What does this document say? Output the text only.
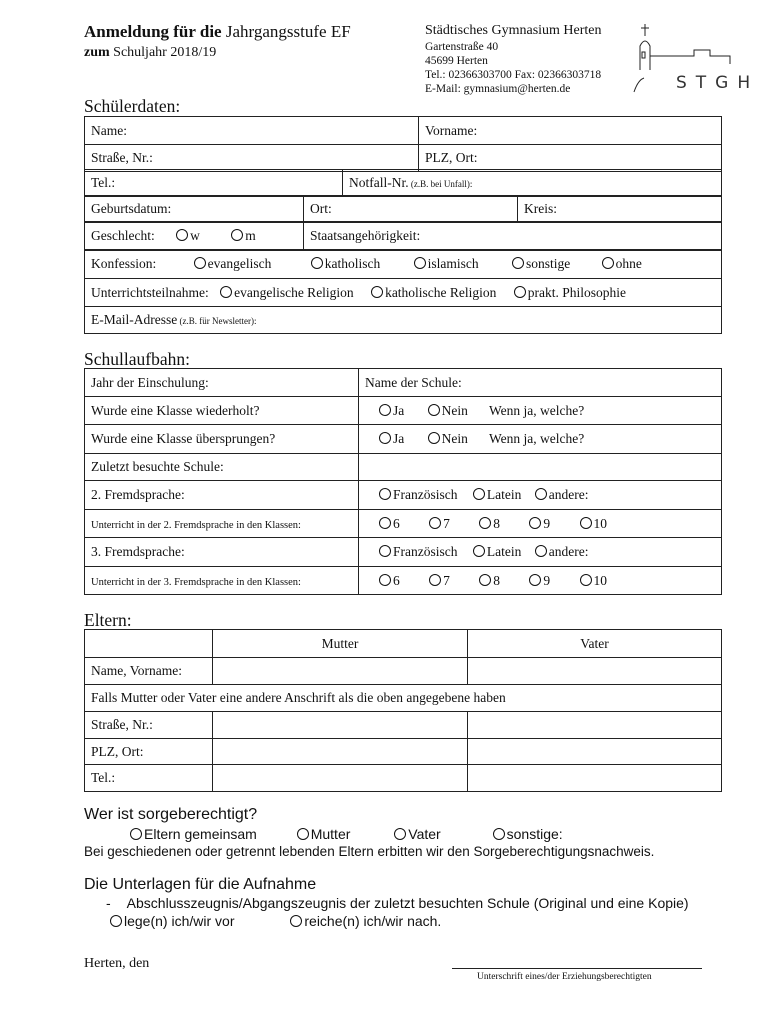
Anmeldung für die Jahrgangsstufe EF
zum Schuljahr 2018/19
Städtisches Gymnasium Herten
Gartenstraße 40
45699 Herten
Tel.: 02366303700 Fax: 02366303718
E-Mail: gymnasium@herten.de	STGH
Schülerdaten:
Name:	Vorname:
Straße, Nr.:	PLZ, Ort:
Tel.:	Notfall-Nr. (z.B. bei Unfall):
Geburtsdatum:	Ort:	Kreis:
Geschlecht:	w	m	Staatsangehörigkeit:
Konfession:	evangelisch	katholisch	islamisch	sonstige	ohne
Unterrichtsteilnahme: evangelische Religion katholische Religion prakt. Philosophie
E-Mail-Adresse (z.B. für Newsletter):
Schullaufbahn:
Jahr der Einschulung:	Name der Schule:
Wurde eine Klasse wiederholt?	Ja Nein Wenn ja, welche?
Wurde eine Klasse übersprungen?	Ja Nein Wenn ja, welche?
Zuletzt besuchte Schule:	
2. Fremdsprache:	Französisch Latein andere:
Unterricht in der 2. Fremdsprache in den Klassen:	6 7 8 9 10
3. Fremdsprache:	Französisch Latein andere:
Unterricht in der 3. Fremdsprache in den Klassen:	6 7 8 9 10
Eltern:
	Mutter	Vater
Name, Vorname:		
Falls Mutter oder Vater eine andere Anschrift als die oben angegebene haben		
Straße, Nr.:		
PLZ, Ort:		
Tel.:		
Wer ist sorgeberechtigt?
Eltern gemeinsam	Mutter	Vater	sonstige:
Bei geschiedenen oder getrennt lebenden Eltern erbitten wir den Sorgeberechtigungsnachweis.
Die Unterlagen für die Aufnahme
- Abschlusszeugnis/Abgangszeugnis der zuletzt besuchten Schule (Original und eine Kopie)
lege(n) ich/wir vor	reiche(n) ich/wir nach.
Herten, den
Unterschrift eines/der Erziehungsberechtigten
